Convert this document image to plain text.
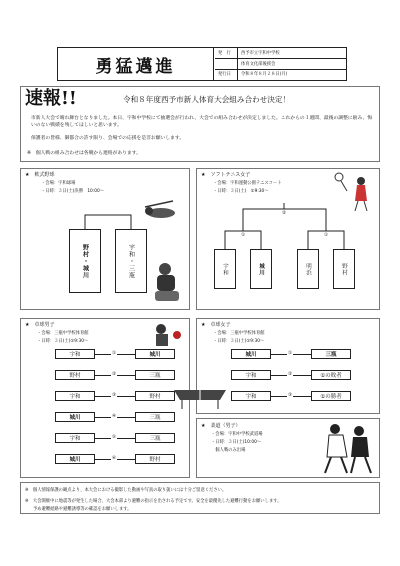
勇猛邁進
発　行 西予市立宇和中学校
体育文化部後援会
発行日 令和８年８月２８日(月)
速報!!	令和８年度西予市新人体育大会組み合わせ決定！
市新人大会で晴れ舞台となりました。本日、宇和中学校にて抽選会が行われ、大会での組み合わせが決定しました。これからの１週間、最後の調整に励み、悔いのない戦績を残してほしいと思います。
保護者の皆様、御都合の許す限り、会場での応援を是非お願いします。
※　個人戦の組み合わせは各競から連絡があります。
★　軟式野球
・会場：宇和球場
・日時：３日(土)決勝　10:00～
野村・城川	宇和・三瓶
★　ソフトテニス女子
・会場：宇和運動公園テニスコート
・日時：３日(土)　①9:30～
②
①	①
宇和	城川	明浜	野村
★　卓球男子
・会場：三瓶中学校体育館
・日時：３日(土)①9:30～
宇和	①	城川
野村	②	三瓶
宇和	③	野村
城川	④	三瓶
宇和	⑤	三瓶
城川	⑥	野村
★　卓球女子
・会場：三瓶中学校体育館
・日時：３日(土)①9:30～
城川	①	三瓶
宇和	②	①の敗者
宇和	③	①の勝者
★　柔道（男子）
・会場：宇和中学校武道場
・日時：３日(土)10:00～
　個人戦のみ出場
※　個人情報保護の観点より、本大会における撮影した動画や写真の取り扱いには十分ご留意ください。
※　大会開催中に地震等が発生した場合、大会本部より避難の指示を出される予定です。安全を最優先した避難行動をお願いします。
予め避難経路や避難誘導等の確認をお願いします。
